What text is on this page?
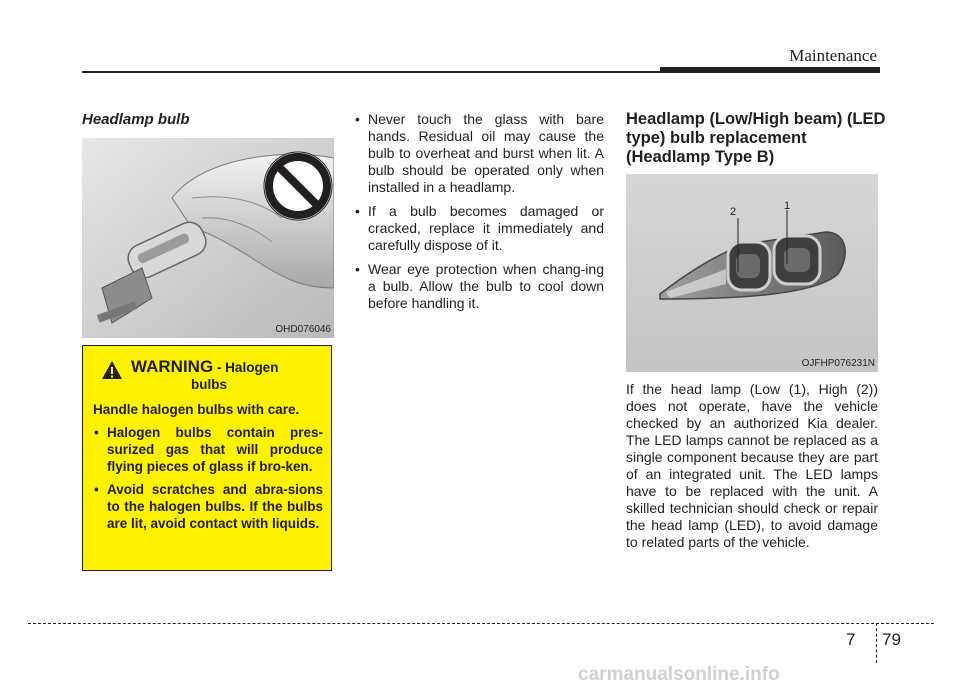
Maintenance
Headlamp bulb
OHD076046
WARNING - Halogen
bulbs
Handle halogen bulbs with care.
• Halogen bulbs contain pres-surized gas that will produce flying pieces of glass if bro-ken.
• Avoid scratches and abra-sions to the halogen bulbs. If the bulbs are lit, avoid contact with liquids.
• Never touch the glass with bare hands. Residual oil may cause the bulb to overheat and burst when lit. A bulb should be operated only when installed in a headlamp.
• If a bulb becomes damaged or cracked, replace it immediately and carefully dispose of it.
• Wear eye protection when chang-ing a bulb. Allow the bulb to cool down before handling it.
Headlamp (Low/High beam) (LED type) bulb replacement (Headlamp Type B)
2	1
OJFHP076231N
If the head lamp (Low (1), High (2)) does not operate, have the vehicle checked by an authorized Kia dealer. The LED lamps cannot be replaced as a single component because they are part of an integrated unit. The LED lamps have to be replaced with the unit. A skilled technician should check or repair the head lamp (LED), to avoid damage to related parts of the vehicle.
7 79
carmanualsonline.info
